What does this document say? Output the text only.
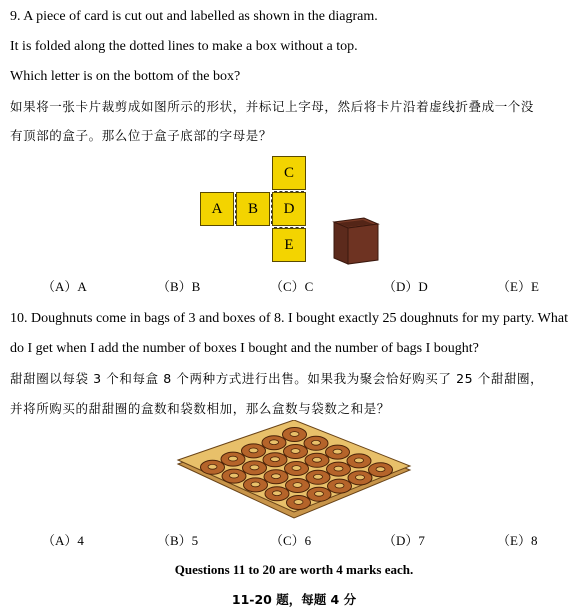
9. A piece of card is cut out and labelled as shown in the diagram.
It is folded along the dotted lines to make a box without a top.
Which letter is on the bottom of the box?
如果将一张卡片裁剪成如图所示的形状，并标记上字母，然后将卡片沿着虚线折叠成一个没
有顶部的盒子。那么位于盒子底部的字母是？
C
A	B	D
E
（A）A	（B）B	（C）C	（D）D	（E）E
10. Doughnuts come in bags of 3 and boxes of 8. I bought exactly 25 doughnuts for my party. What
do I get when I add the number of boxes I bought and the number of bags I bought?
甜甜圈以每袋 3 个和每盒 8 个两种方式进行出售。如果我为聚会恰好购买了 25 个甜甜圈，
并将所购买的甜甜圈的盒数和袋数相加，那么盒数与袋数之和是？
（A）4	（B）5	（C）6	（D）7	（E）8
Questions 11 to 20 are worth 4 marks each.
11-20 题，每题 4 分
